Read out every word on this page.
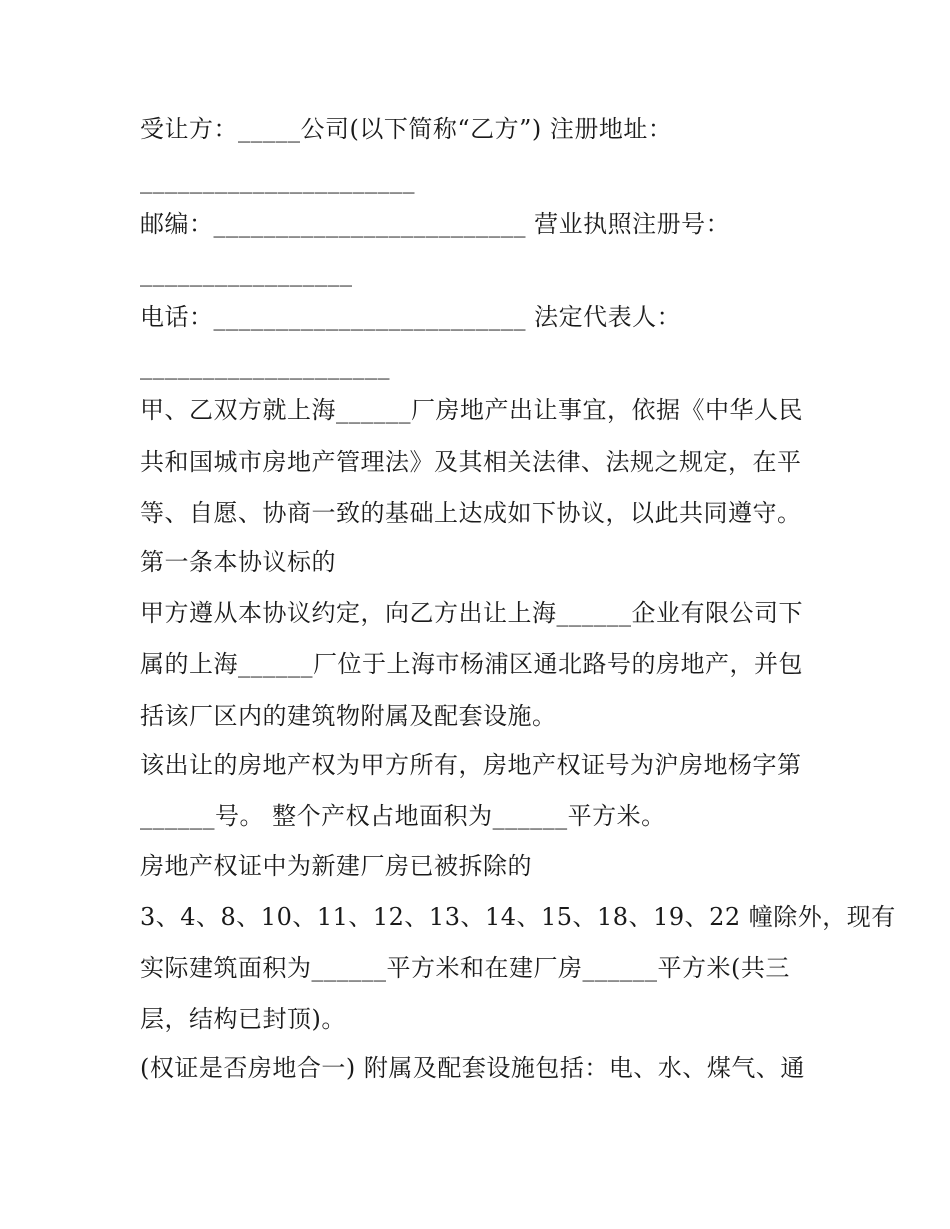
受让方：_____公司(以下简称“乙方”) 注册地址：
______________________
邮编：_________________________ 营业执照注册号：
_________________
电话：_________________________ 法定代表人：
____________________
甲、乙双方就上海______厂房地产出让事宜，依据《中华人民
共和国城市房地产管理法》及其相关法律、法规之规定，在平
等、自愿、协商一致的基础上达成如下协议，以此共同遵守。
第一条本协议标的
甲方遵从本协议约定，向乙方出让上海______企业有限公司下
属的上海______厂位于上海市杨浦区通北路号的房地产，并包
括该厂区内的建筑物附属及配套设施。
该出让的房地产权为甲方所有，房地产权证号为沪房地杨字第
______号。 整个产权占地面积为______平方米。
房地产权证中为新建厂房已被拆除的
3、4、8、10、11、12、13、14、15、18、19、22 幢除外，现有
实际建筑面积为______平方米和在建厂房______平方米(共三
层，结构已封顶)。
(权证是否房地合一) 附属及配套设施包括：电、水、煤气、通
